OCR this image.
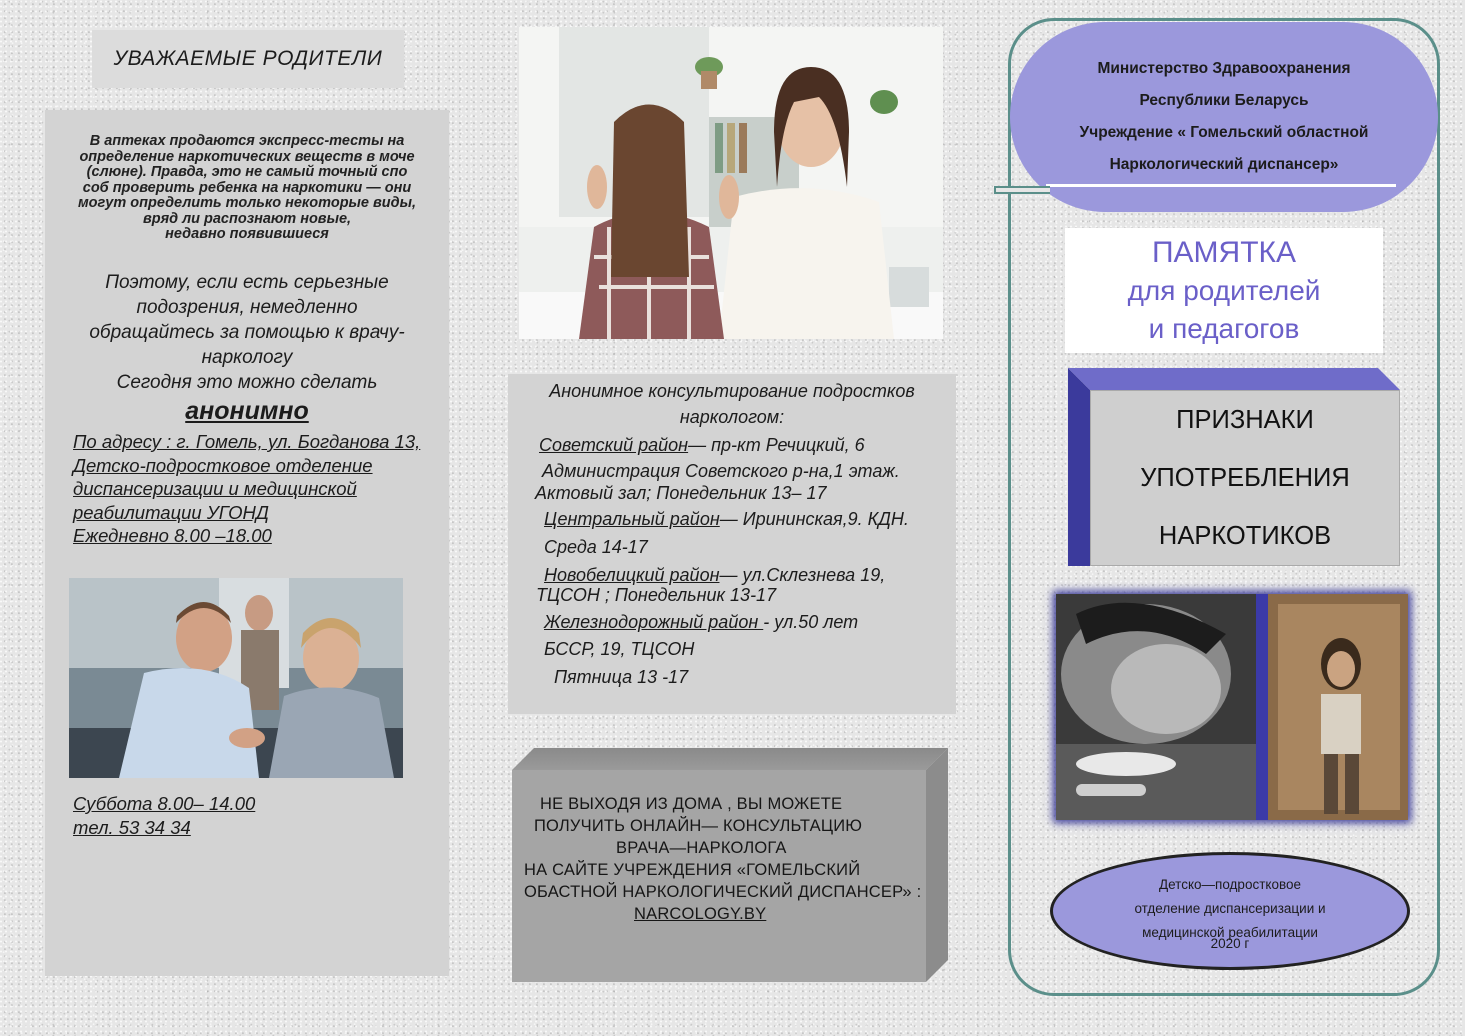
УВАЖАЕМЫЕ РОДИТЕЛИ
В аптеках продаются экспресс-тесты на
определение наркотических веществ в моче
(слюне). Правда, это не самый точный спо
соб проверить ребенка на наркотики — они
могут определить только некоторые виды,
вряд ли распознают новые,
недавно появившиеся
Поэтому, если есть серьезные
подозрения, немедленно
обращайтесь за помощью к врачу-
наркологу
Сегодня это можно сделать
анонимно
По адресу : г. Гомель, ул. Богданова 13,
Детско-подростковое отделение
диспансеризации и медицинской
реабилитации УГОНД
Ежедневно 8.00 –18.00
Суббота 8.00– 14.00
тел. 53 34 34
Анонимное консультирование подростков
наркологом:
Советский район— пр-кт Речицкий, 6
Администрация Советского р-на,1 этаж.
Актовый зал; Понедельник 13– 17
Центральный район— Ирининская,9. КДН.
Среда 14-17
Новобелицкий район— ул.Склезнева 19,
ТЦСОН ; Понедельник 13-17
Железнодорожный район - ул.50 лет
БССР, 19, ТЦСОН
Пятница 13 -17
НЕ ВЫХОДЯ ИЗ ДОМА , ВЫ МОЖЕТЕ
ПОЛУЧИТЬ ОНЛАЙН— КОНСУЛЬТАЦИЮ
ВРАЧА—НАРКОЛОГА
НА САЙТЕ УЧРЕЖДЕНИЯ «ГОМЕЛЬСКИЙ
ОБАСТНОЙ НАРКОЛОГИЧЕСКИЙ ДИСПАНСЕР» :
NARCOLOGY.BY
Министерство Здравоохранения
Республики Беларусь
Учреждение « Гомельский областной
Наркологический диспансер»
ПАМЯТКА
для родителей
и педагогов
ПРИЗНАКИ
УПОТРЕБЛЕНИЯ
НАРКОТИКОВ
Детско—подростковое
отделение диспансеризации и
медицинской реабилитации
2020 г
